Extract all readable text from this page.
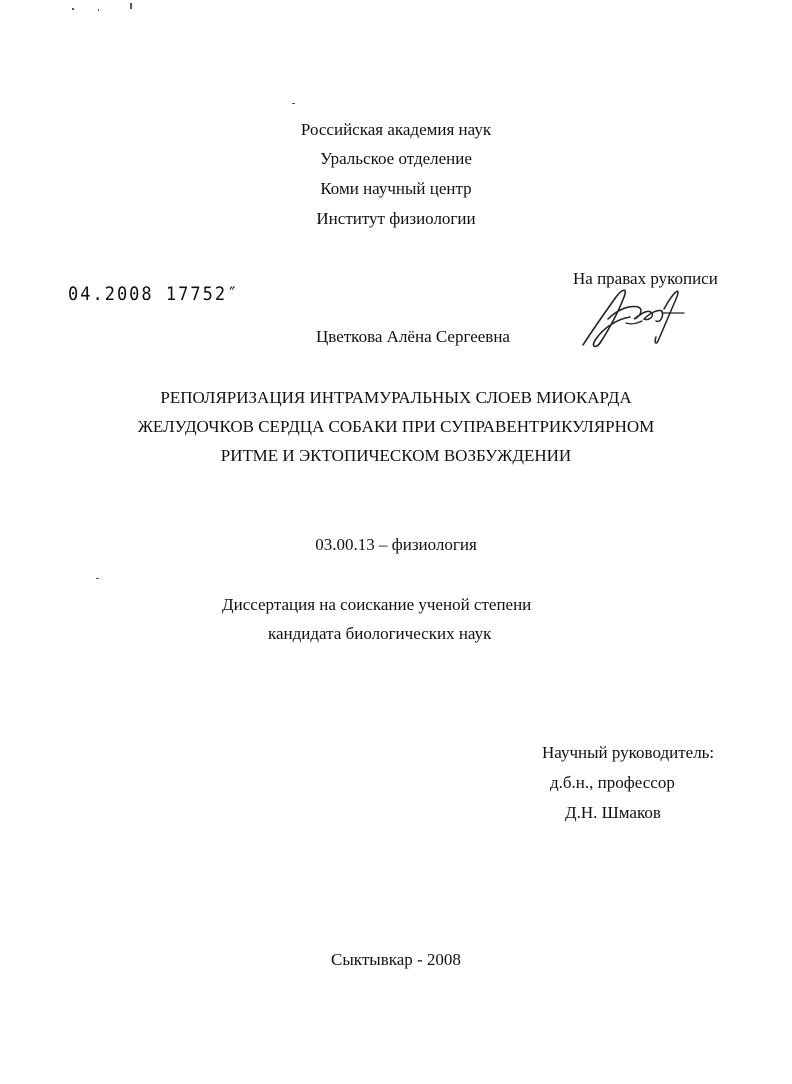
Российская академия наук
Уральское отделение
Коми научный центр
Институт физиологии
На правах рукописи
04.2008 17752″
Цветкова Алёна Сергеевна
РЕПОЛЯРИЗАЦИЯ ИНТРАМУРАЛЬНЫХ СЛОЕВ МИОКАРДА
ЖЕЛУДОЧКОВ СЕРДЦА СОБАКИ ПРИ СУПРАВЕНТРИКУЛЯРНОМ
РИТМЕ И ЭКТОПИЧЕСКОМ ВОЗБУЖДЕНИИ
03.00.13 – физиология
Диссертация на соискание ученой степени
кандидата биологических наук
Научный руководитель:
д.б.н., профессор
Д.Н. Шмаков
Сыктывкар - 2008
